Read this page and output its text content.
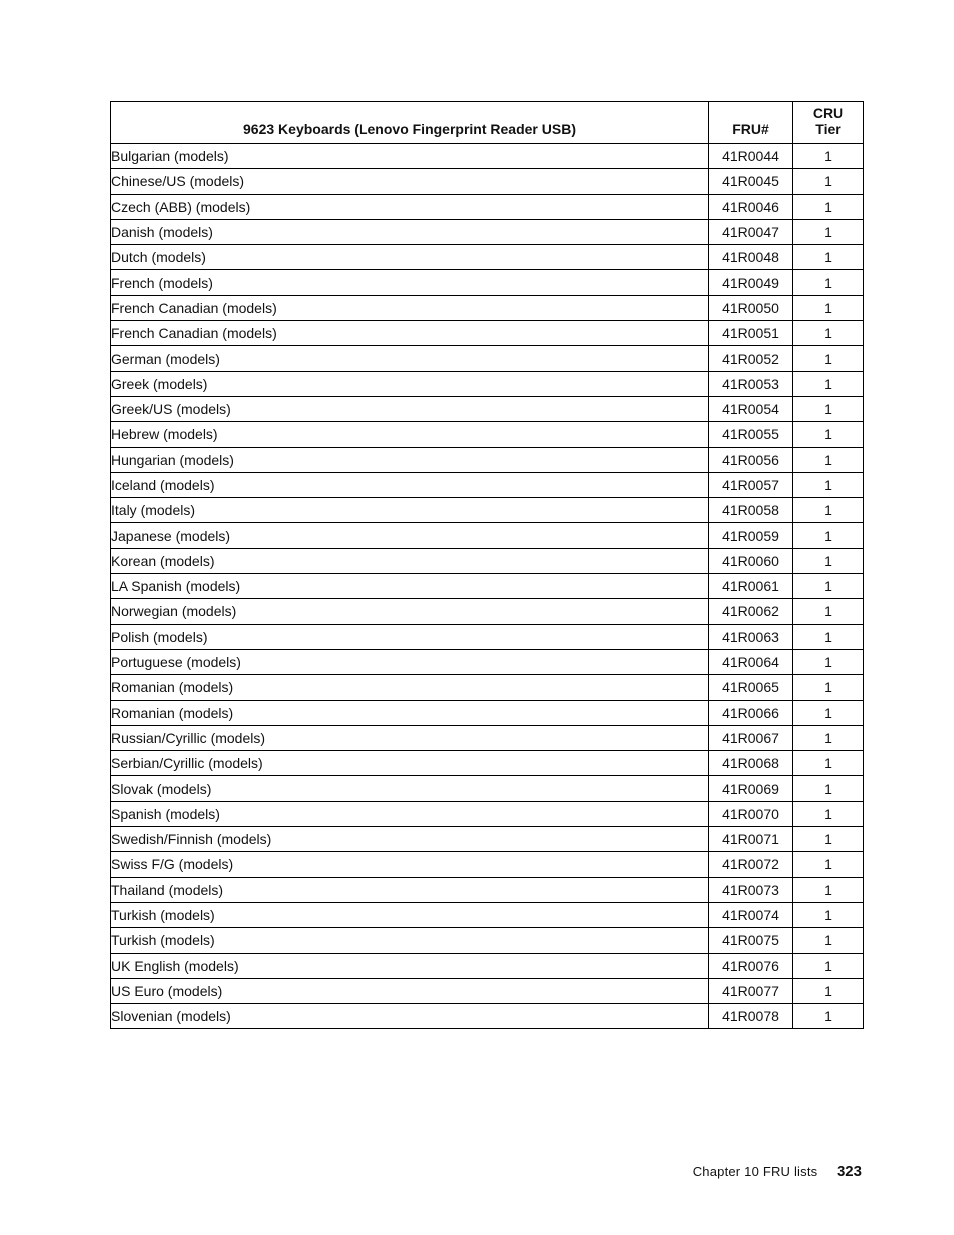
9623 Keyboards (Lenovo Fingerprint Reader USB)	FRU#	CRU
Tier
Bulgarian (models)	41R0044	1
Chinese/US (models)	41R0045	1
Czech (ABB) (models)	41R0046	1
Danish (models)	41R0047	1
Dutch (models)	41R0048	1
French (models)	41R0049	1
French Canadian (models)	41R0050	1
French Canadian (models)	41R0051	1
German (models)	41R0052	1
Greek (models)	41R0053	1
Greek/US (models)	41R0054	1
Hebrew (models)	41R0055	1
Hungarian (models)	41R0056	1
Iceland (models)	41R0057	1
Italy (models)	41R0058	1
Japanese (models)	41R0059	1
Korean (models)	41R0060	1
LA Spanish (models)	41R0061	1
Norwegian (models)	41R0062	1
Polish (models)	41R0063	1
Portuguese (models)	41R0064	1
Romanian (models)	41R0065	1
Romanian (models)	41R0066	1
Russian/Cyrillic (models)	41R0067	1
Serbian/Cyrillic (models)	41R0068	1
Slovak (models)	41R0069	1
Spanish (models)	41R0070	1
Swedish/Finnish (models)	41R0071	1
Swiss F/G (models)	41R0072	1
Thailand (models)	41R0073	1
Turkish (models)	41R0074	1
Turkish (models)	41R0075	1
UK English (models)	41R0076	1
US Euro (models)	41R0077	1
Slovenian (models)	41R0078	1
Chapter 10 FRU lists 323
